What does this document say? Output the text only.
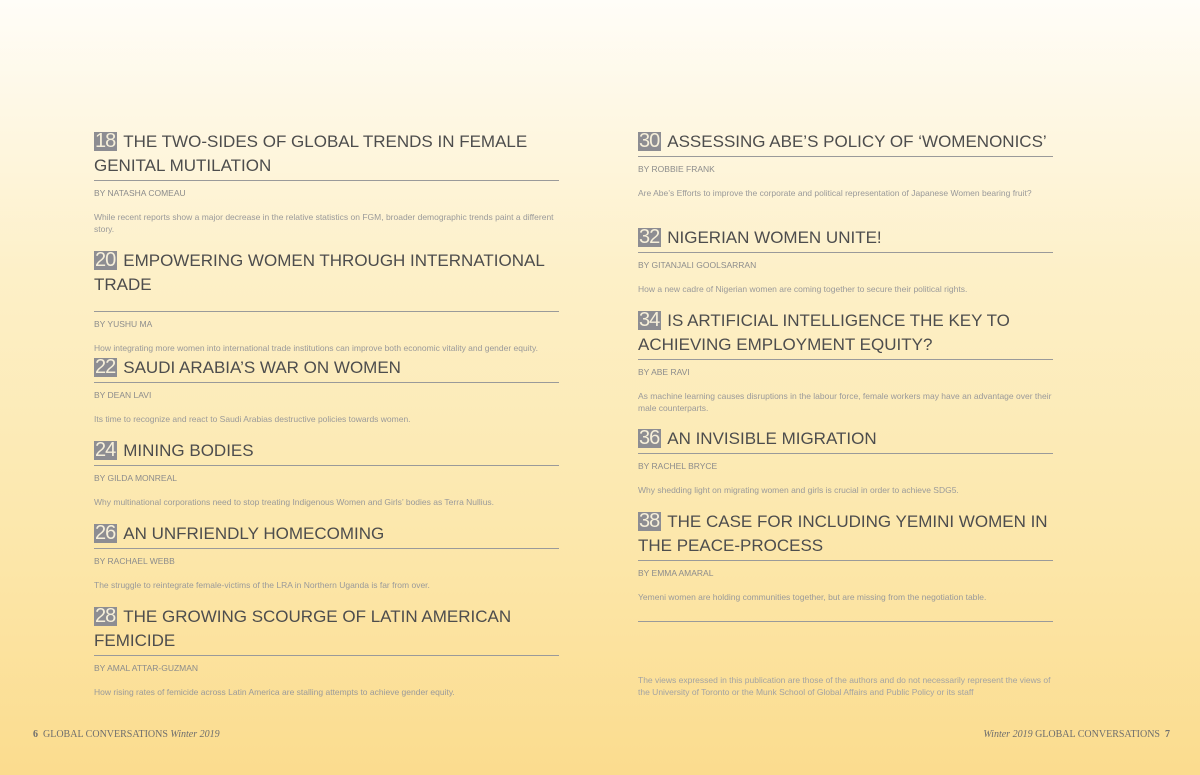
18 THE TWO-SIDES OF GLOBAL TRENDS IN FEMALE GENITAL MUTILATION
BY NATASHA COMEAU
While recent reports show a major decrease in the relative statistics on FGM, broader demographic trends paint a different story.
20 EMPOWERING WOMEN THROUGH INTERNATIONAL TRADE
BY YUSHU MA
How integrating more women into international trade institutions can improve both economic vitality and gender equity.
22 SAUDI ARABIA’S WAR ON WOMEN
BY DEAN LAVI
Its time to recognize and react to Saudi Arabias destructive policies towards women.
24 MINING BODIES
BY GILDA MONREAL
Why multinational corporations need to stop treating Indigenous Women and Girls’ bodies as Terra Nullius.
26 AN UNFRIENDLY HOMECOMING
BY RACHAEL WEBB
The struggle to reintegrate female-victims of the LRA in Northern Uganda is far from over.
28 THE GROWING SCOURGE OF LATIN AMERICAN FEMICIDE
BY AMAL ATTAR-GUZMAN
How rising rates of femicide across Latin America are stalling attempts to achieve gender equity.
30 ASSESSING ABE’S POLICY OF ‘WOMENONICS’
BY ROBBIE FRANK
Are Abe’s Efforts to improve the corporate and political representation of Japanese Women bearing fruit?
32 NIGERIAN WOMEN UNITE!
BY GITANJALI GOOLSARRAN
How a new cadre of Nigerian women are coming together to secure their political rights.
34 IS ARTIFICIAL INTELLIGENCE THE KEY TO ACHIEVING EMPLOYMENT EQUITY?
BY ABE RAVI
As machine learning causes disruptions in the labour force, female workers may have an advantage over their male counterparts.
36 AN INVISIBLE MIGRATION
BY RACHEL BRYCE
Why shedding light on migrating women and girls is crucial in order to achieve SDG5.
38 THE CASE FOR INCLUDING YEMINI WOMEN IN THE PEACE-PROCESS
BY EMMA AMARAL
Yemeni women are holding communities together, but are missing from the negotiation table.
The views expressed in this publication are those of the authors and do not necessarily represent the views of the University of Toronto or the Munk School of Global Affairs and Public Policy or its staff
6 GLOBAL CONVERSATIONS Winter 2019	Winter 2019 GLOBAL CONVERSATIONS 7
